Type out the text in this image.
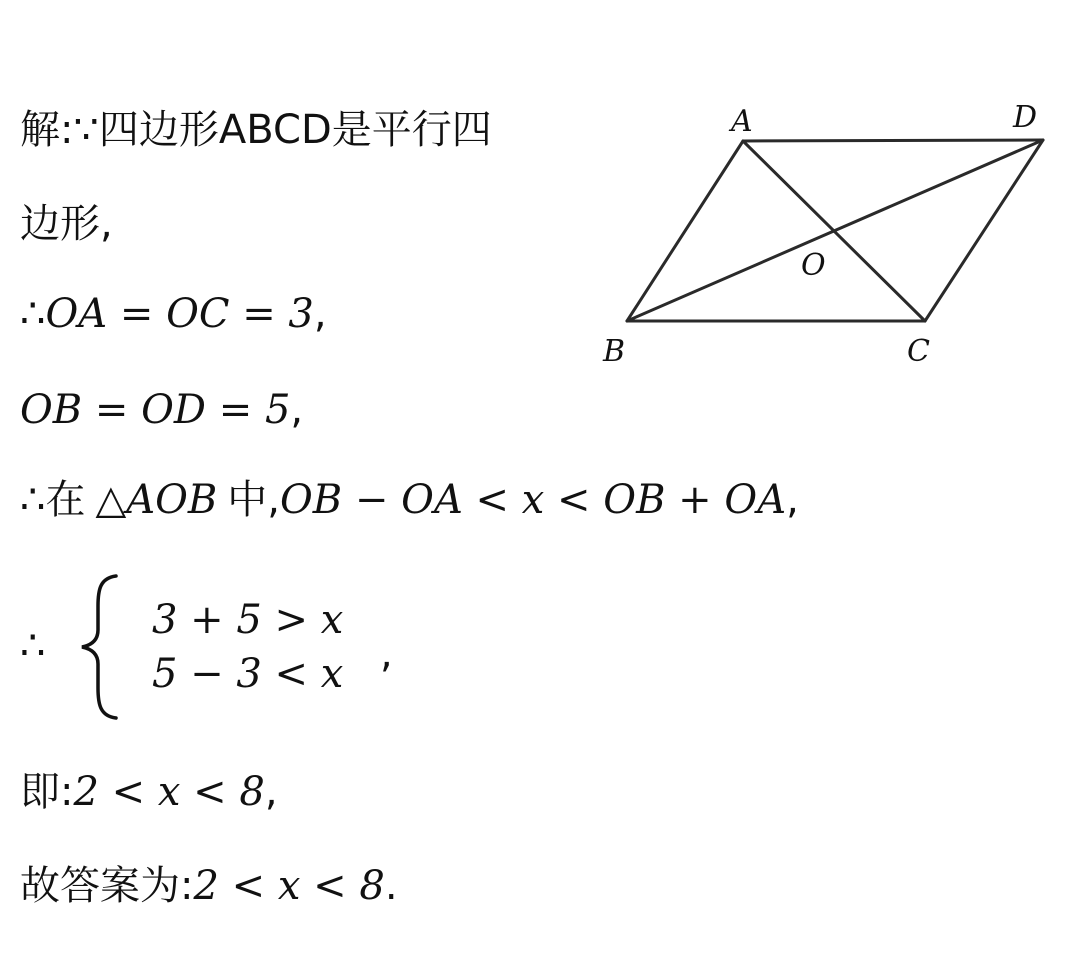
解:∵四边形ABCD是平行四
边形,
∴OA = OC = 3,
OB = OD = 5,
∴在 △AOB 中,OB − OA < x < OB + OA,
∴
3 + 5 > x
5 − 3 < x ,
即:2 < x < 8,
故答案为:2 < x < 8.
A	D
O
B	C
